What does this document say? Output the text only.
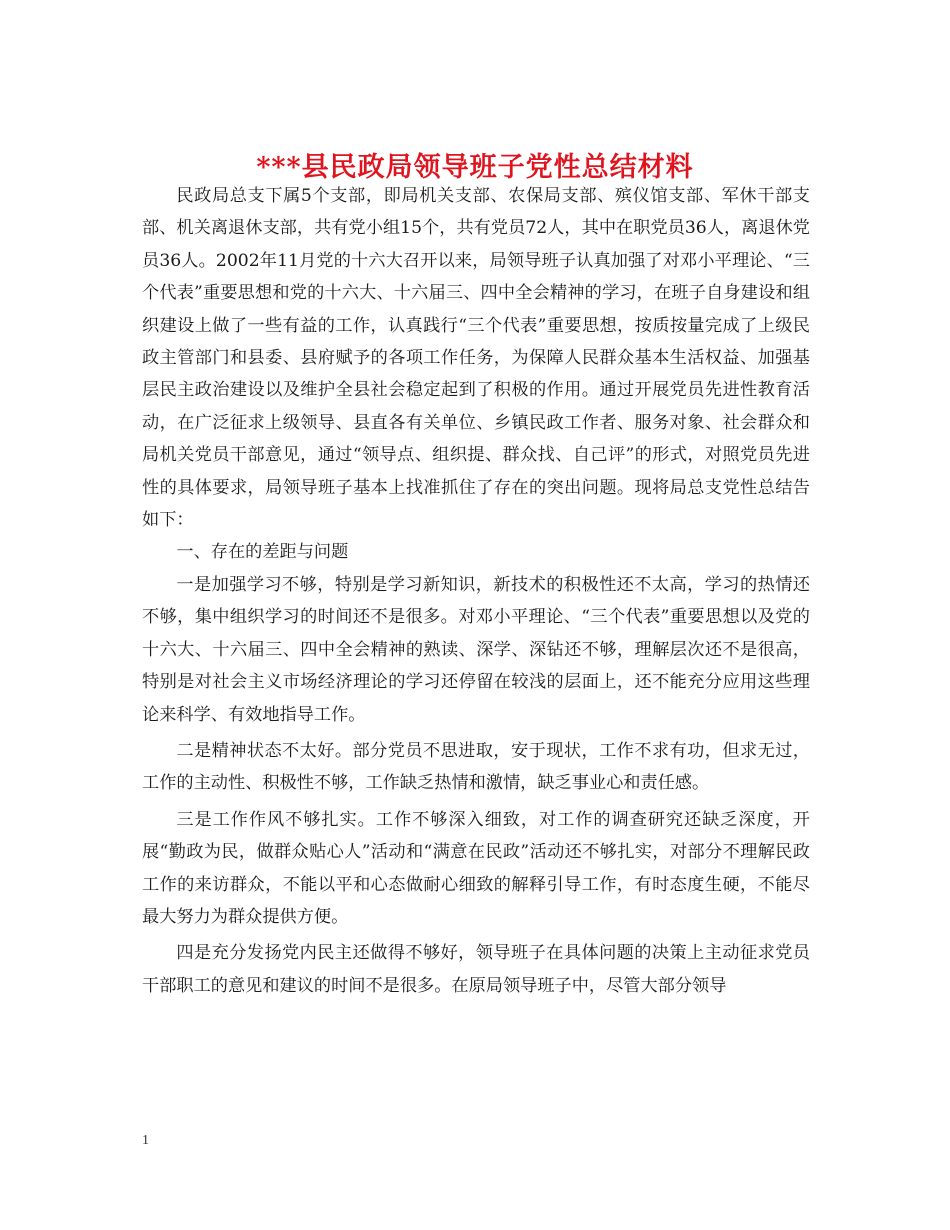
***县民政局领导班子党性总结材料

民政局总支下属5个支部，即局机关支部、农保局支部、殡仪馆支部、军休干部支部、机关离退休支部，共有党小组15个，共有党员72人，其中在职党员36人，离退休党员36人。2002年11月党的十六大召开以来，局领导班子认真加强了对邓小平理论、“三个代表”重要思想和党的十六大、十六届三、四中全会精神的学习，在班子自身建设和组织建设上做了一些有益的工作，认真践行“三个代表”重要思想，按质按量完成了上级民政主管部门和县委、县府赋予的各项工作任务，为保障人民群众基本生活权益、加强基层民主政治建设以及维护全县社会稳定起到了积极的作用。通过开展党员先进性教育活动，在广泛征求上级领导、县直各有关单位、乡镇民政工作者、服务对象、社会群众和局机关党员干部意见，通过“领导点、组织提、群众找、自己评”的形式，对照党员先进性的具体要求，局领导班子基本上找准抓住了存在的突出问题。现将局总支党性总结告如下：

一、存在的差距与问题

一是加强学习不够，特别是学习新知识，新技术的积极性还不太高，学习的热情还不够，集中组织学习的时间还不是很多。对邓小平理论、“三个代表”重要思想以及党的十六大、十六届三、四中全会精神的熟读、深学、深钻还不够，理解层次还不是很高，特别是对社会主义市场经济理论的学习还停留在较浅的层面上，还不能充分应用这些理论来科学、有效地指导工作。

二是精神状态不太好。部分党员不思进取，安于现状，工作不求有功，但求无过，工作的主动性、积极性不够，工作缺乏热情和激情，缺乏事业心和责任感。

三是工作作风不够扎实。工作不够深入细致，对工作的调查研究还缺乏深度，开展“勤政为民，做群众贴心人”活动和“满意在民政”活动还不够扎实，对部分不理解民政工作的来访群众，不能以平和心态做耐心细致的解释引导工作，有时态度生硬，不能尽最大努力为群众提供方便。

四是充分发扬党内民主还做得不够好，领导班子在具体问题的决策上主动征求党员干部职工的意见和建议的时间不是很多。在原局领导班子中，尽管大部分领导

1
